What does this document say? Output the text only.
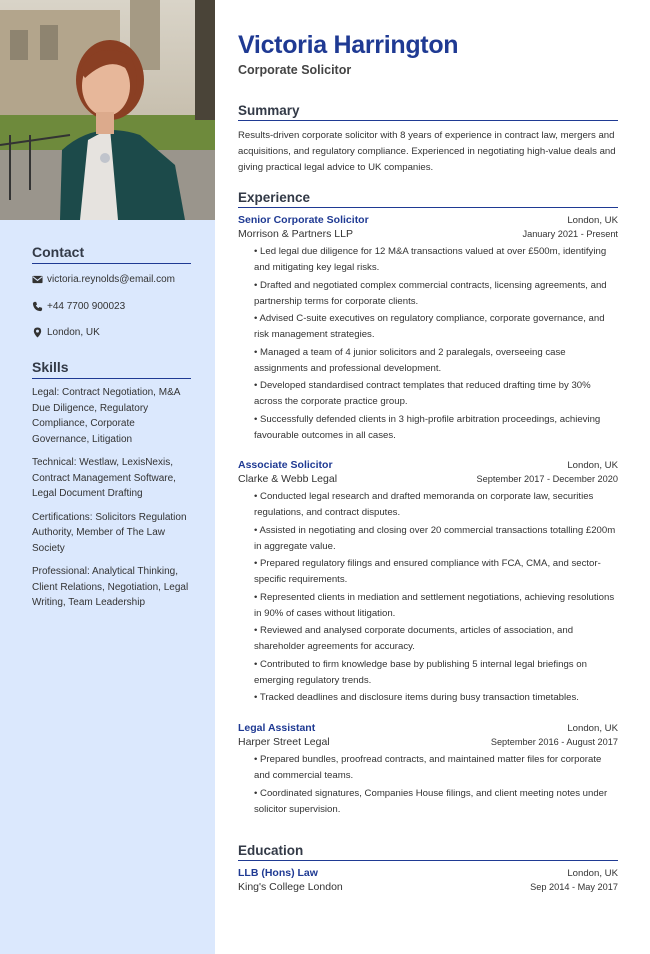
Contact
victoria.reynolds@email.com
+44 7700 900023
London, UK
Skills
Legal: Contract Negotiation, M&A Due Diligence, Regulatory Compliance, Corporate Governance, Litigation
Technical: Westlaw, LexisNexis, Contract Management Software, Legal Document Drafting
Certifications: Solicitors Regulation Authority, Member of The Law Society
Professional: Analytical Thinking, Client Relations, Negotiation, Legal Writing, Team Leadership
Victoria Harrington
Corporate Solicitor
Summary
Results-driven corporate solicitor with 8 years of experience in contract law, mergers and acquisitions, and regulatory compliance. Experienced in negotiating high-value deals and giving practical legal advice to UK companies.
Experience
Senior Corporate Solicitor	London, UK
Morrison & Partners LLP	January 2021 - Present
• Led legal due diligence for 12 M&A transactions valued at over £500m, identifying and mitigating key legal risks.
• Drafted and negotiated complex commercial contracts, licensing agreements, and partnership terms for corporate clients.
• Advised C-suite executives on regulatory compliance, corporate governance, and risk management strategies.
• Managed a team of 4 junior solicitors and 2 paralegals, overseeing case assignments and professional development.
• Developed standardised contract templates that reduced drafting time by 30% across the corporate practice group.
• Successfully defended clients in 3 high-profile arbitration proceedings, achieving favourable outcomes in all cases.
Associate Solicitor	London, UK
Clarke & Webb Legal	September 2017 - December 2020
• Conducted legal research and drafted memoranda on corporate law, securities regulations, and contract disputes.
• Assisted in negotiating and closing over 20 commercial transactions totalling £200m in aggregate value.
• Prepared regulatory filings and ensured compliance with FCA, CMA, and sector-specific requirements.
• Represented clients in mediation and settlement negotiations, achieving resolutions in 90% of cases without litigation.
• Reviewed and analysed corporate documents, articles of association, and shareholder agreements for accuracy.
• Contributed to firm knowledge base by publishing 5 internal legal briefings on emerging regulatory trends.
• Tracked deadlines and disclosure items during busy transaction timetables.
Legal Assistant	London, UK
Harper Street Legal	September 2016 - August 2017
• Prepared bundles, proofread contracts, and maintained matter files for corporate and commercial teams.
• Coordinated signatures, Companies House filings, and client meeting notes under solicitor supervision.
Education
LLB (Hons) Law	London, UK
King's College London	Sep 2014 - May 2017
